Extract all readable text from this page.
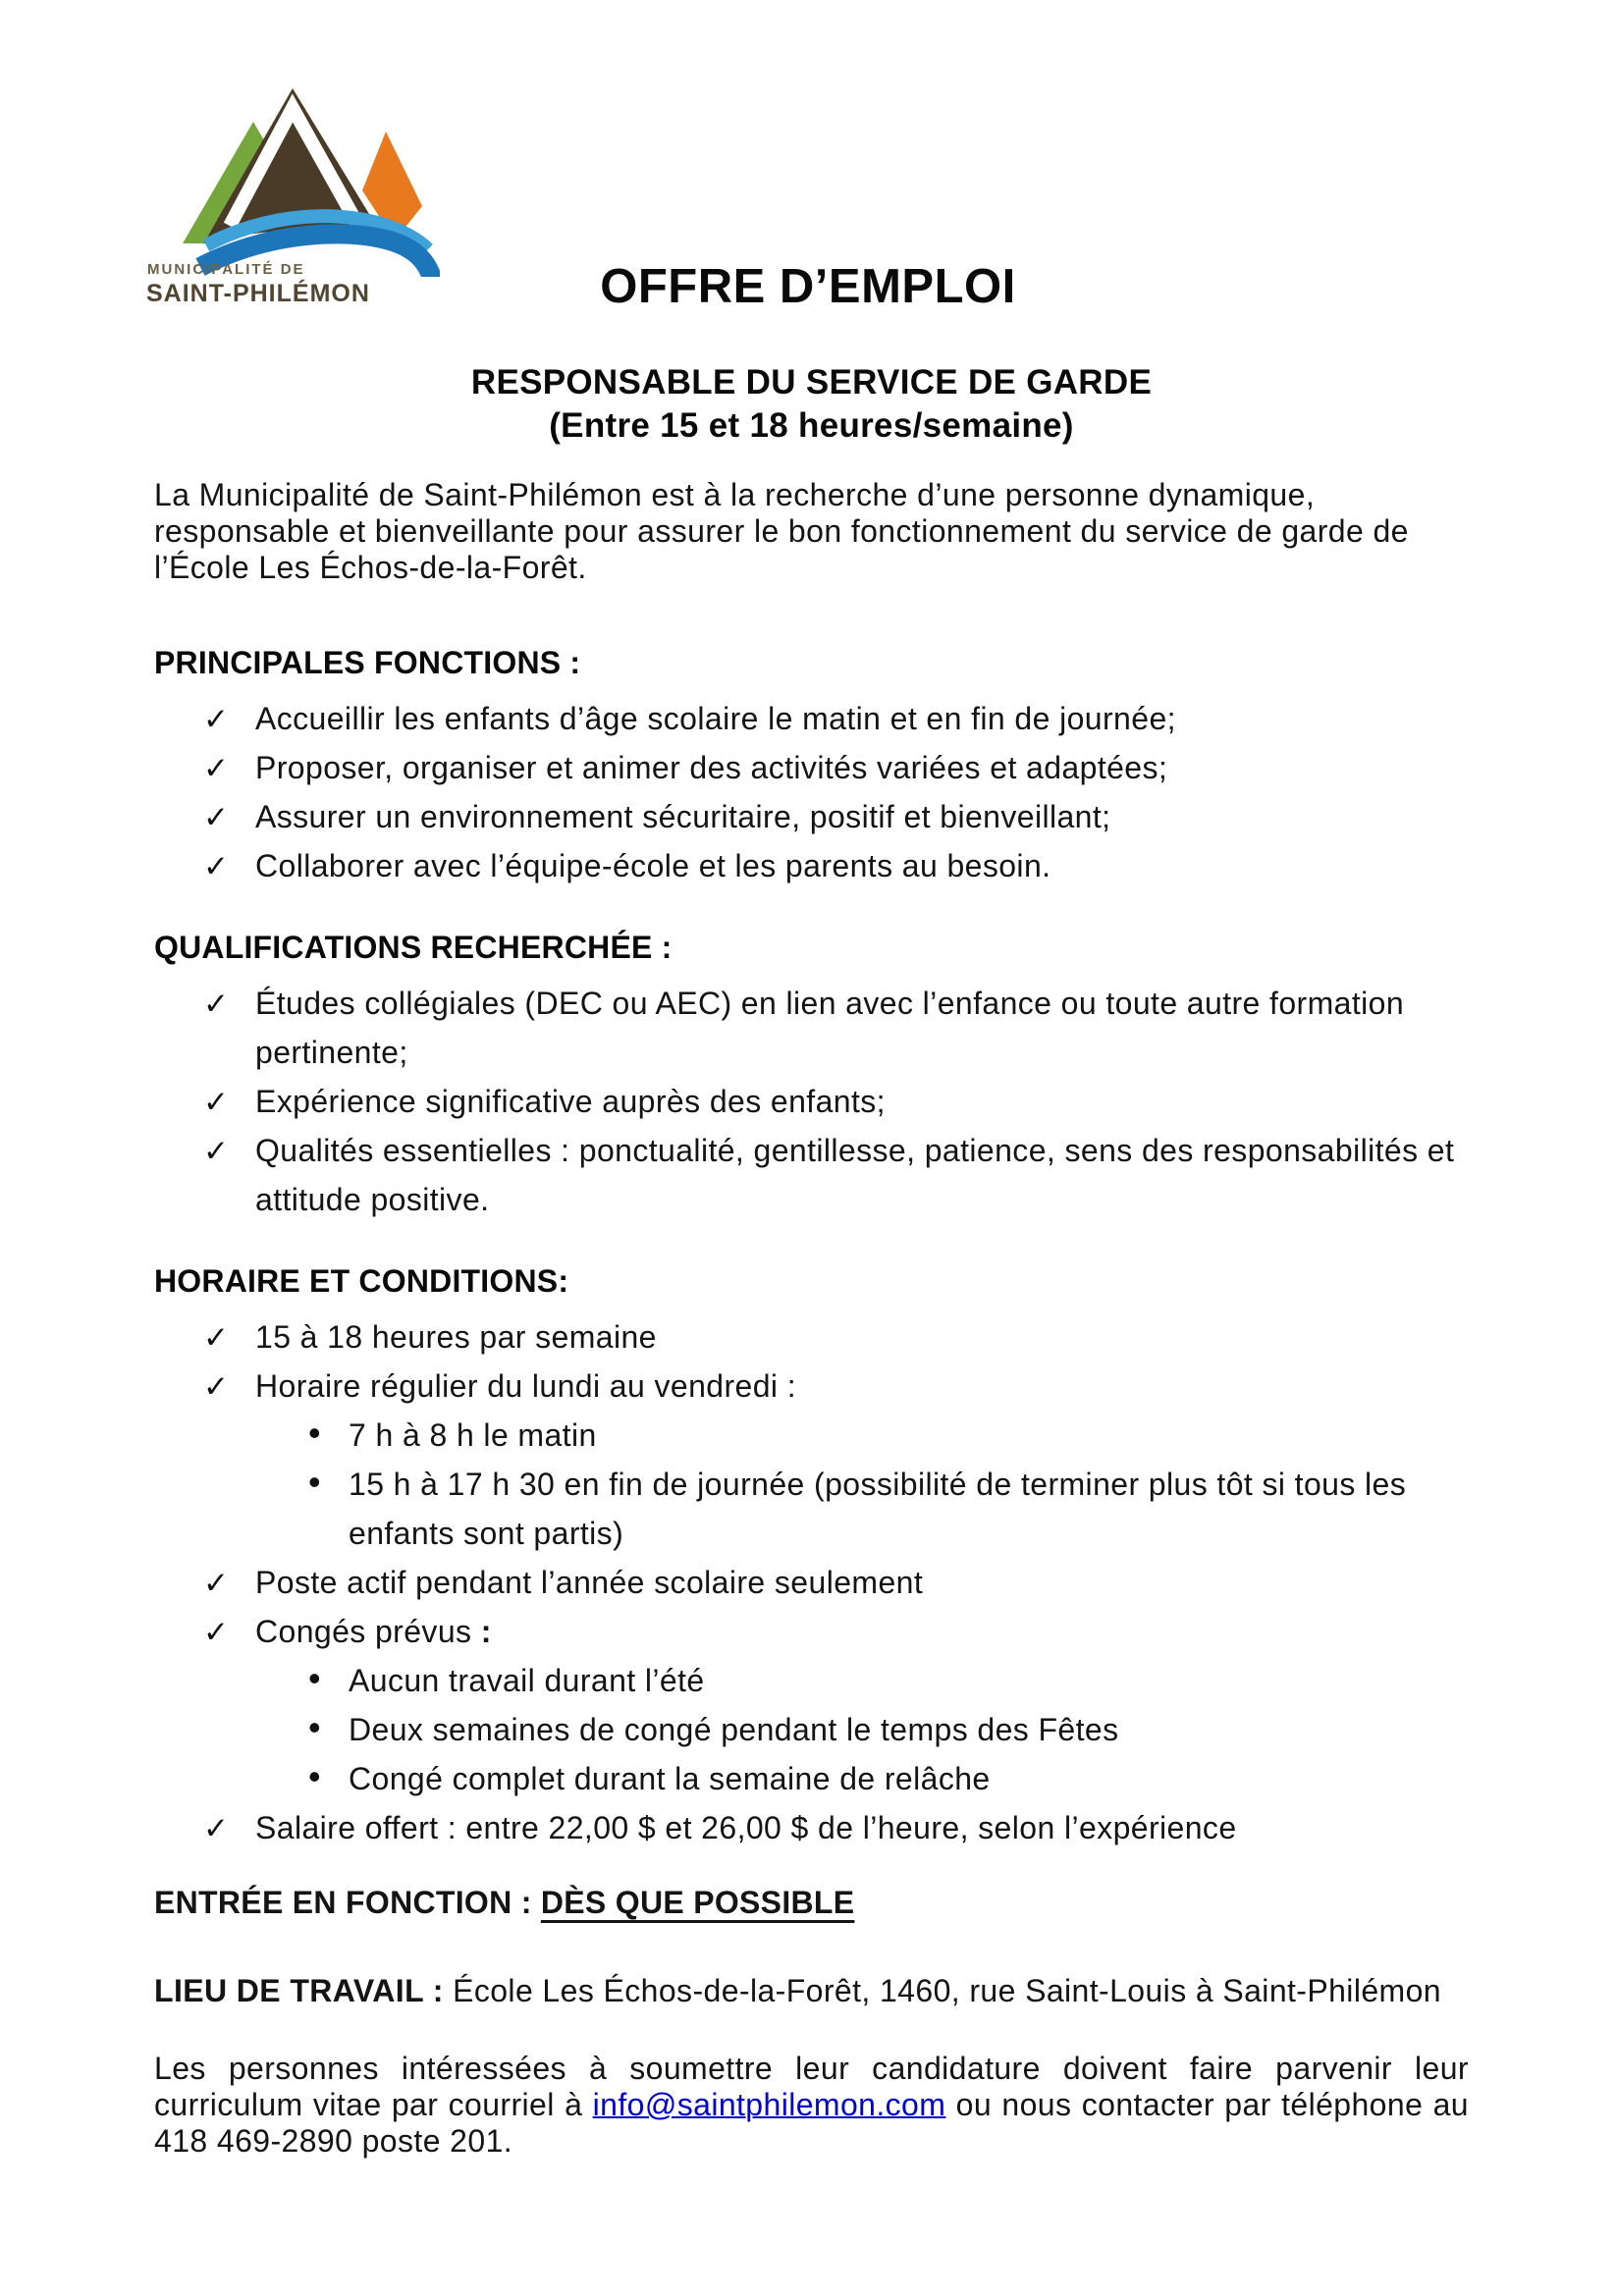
MUNICIPALITÉ DE
SAINT-PHILÉMON	OFFRE D’EMPLOI
RESPONSABLE DU SERVICE DE GARDE
(Entre 15 et 18 heures/semaine)
La Municipalité de Saint-Philémon est à la recherche d’une personne dynamique,
responsable et bienveillante pour assurer le bon fonctionnement du service de garde de
l’École Les Échos-de-la-Forêt.
PRINCIPALES FONCTIONS :
✓ Accueillir les enfants d’âge scolaire le matin et en fin de journée;
✓ Proposer, organiser et animer des activités variées et adaptées;
✓ Assurer un environnement sécuritaire, positif et bienveillant;
✓ Collaborer avec l’équipe-école et les parents au besoin.
QUALIFICATIONS RECHERCHÉE :
✓ Études collégiales (DEC ou AEC) en lien avec l’enfance ou toute autre formation pertinente;
✓ Expérience significative auprès des enfants;
✓ Qualités essentielles : ponctualité, gentillesse, patience, sens des responsabilités et attitude positive.
HORAIRE ET CONDITIONS:
✓ 15 à 18 heures par semaine
✓ Horaire régulier du lundi au vendredi :
• 7 h à 8 h le matin
• 15 h à 17 h 30 en fin de journée (possibilité de terminer plus tôt si tous les enfants sont partis)
✓ Poste actif pendant l’année scolaire seulement
✓ Congés prévus :
• Aucun travail durant l’été
• Deux semaines de congé pendant le temps des Fêtes
• Congé complet durant la semaine de relâche
✓ Salaire offert : entre 22,00 $ et 26,00 $ de l’heure, selon l’expérience
ENTRÉE EN FONCTION : DÈS QUE POSSIBLE
LIEU DE TRAVAIL : École Les Échos-de-la-Forêt, 1460, rue Saint-Louis à Saint-Philémon
Les personnes intéressées à soumettre leur candidature doivent faire parvenir leur curriculum vitae par courriel à info@saintphilemon.com ou nous contacter par téléphone au 418 469-2890 poste 201.
